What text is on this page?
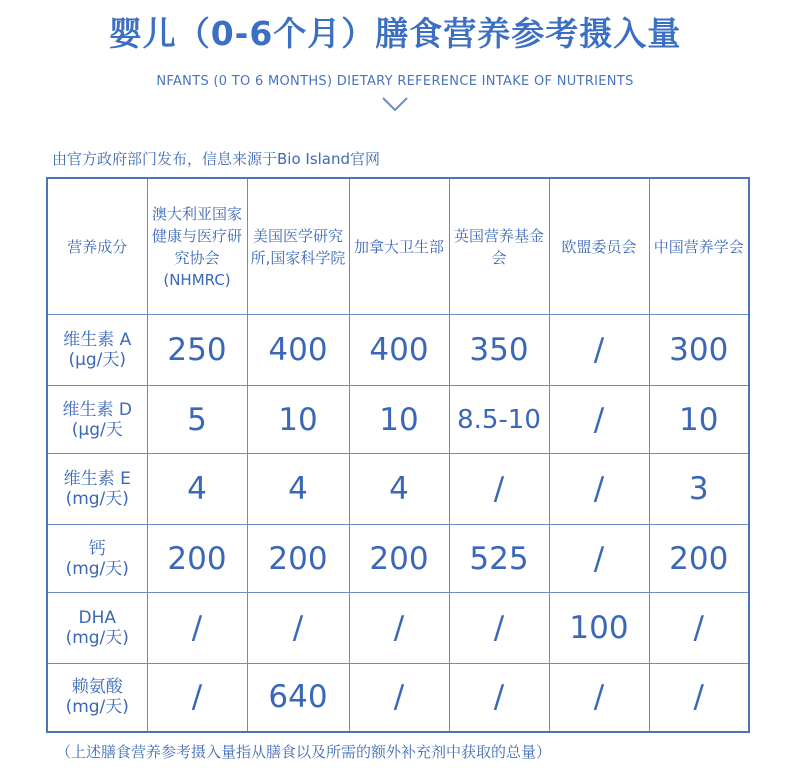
婴儿（0-6个月）膳食营养参考摄入量
NFANTS (0 TO 6 MONTHS) DIETARY REFERENCE INTAKE OF NUTRIENTS
由官方政府部门发布，信息来源于Bio Island官网
营养成分	澳大利亚国家健康与医疗研究协会(NHMRC)	美国医学研究所,国家科学院	加拿大卫生部	英国营养基金会	欧盟委员会	中国营养学会

维生素 A
(μg/天)	250	400	400	350	/	300

维生素 D
(μg/天	5	10	10	8.5-10	/	10

维生素 E
(mg/天)	4	4	4	/	/	3

钙
(mg/天)	200	200	200	525	/	200

DHA
(mg/天)	/	/	/	/	100	/

赖氨酸
(mg/天)	/	640	/	/	/	/
（上述膳食营养参考摄入量指从膳食以及所需的额外补充剂中获取的总量）
